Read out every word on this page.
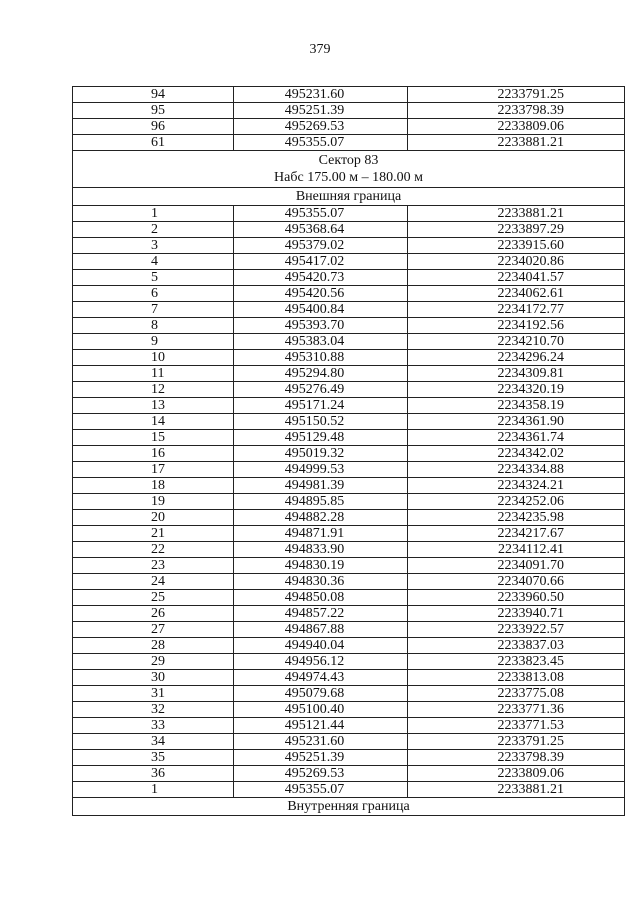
379
94	495231.60	2233791.25
95	495251.39	2233798.39
96	495269.53	2233809.06
61	495355.07	2233881.21

Сектор 83
Набс 175.00 м – 180.00 м		

Внешняя граница		
1	495355.07	2233881.21
2	495368.64	2233897.29
3	495379.02	2233915.60
4	495417.02	2234020.86
5	495420.73	2234041.57
6	495420.56	2234062.61
7	495400.84	2234172.77
8	495393.70	2234192.56
9	495383.04	2234210.70
10	495310.88	2234296.24
11	495294.80	2234309.81
12	495276.49	2234320.19
13	495171.24	2234358.19
14	495150.52	2234361.90
15	495129.48	2234361.74
16	495019.32	2234342.02
17	494999.53	2234334.88
18	494981.39	2234324.21
19	494895.85	2234252.06
20	494882.28	2234235.98
21	494871.91	2234217.67
22	494833.90	2234112.41
23	494830.19	2234091.70
24	494830.36	2234070.66
25	494850.08	2233960.50
26	494857.22	2233940.71
27	494867.88	2233922.57
28	494940.04	2233837.03
29	494956.12	2233823.45
30	494974.43	2233813.08
31	495079.68	2233775.08
32	495100.40	2233771.36
33	495121.44	2233771.53
34	495231.60	2233791.25
35	495251.39	2233798.39
36	495269.53	2233809.06
1	495355.07	2233881.21
Внутренняя граница		
